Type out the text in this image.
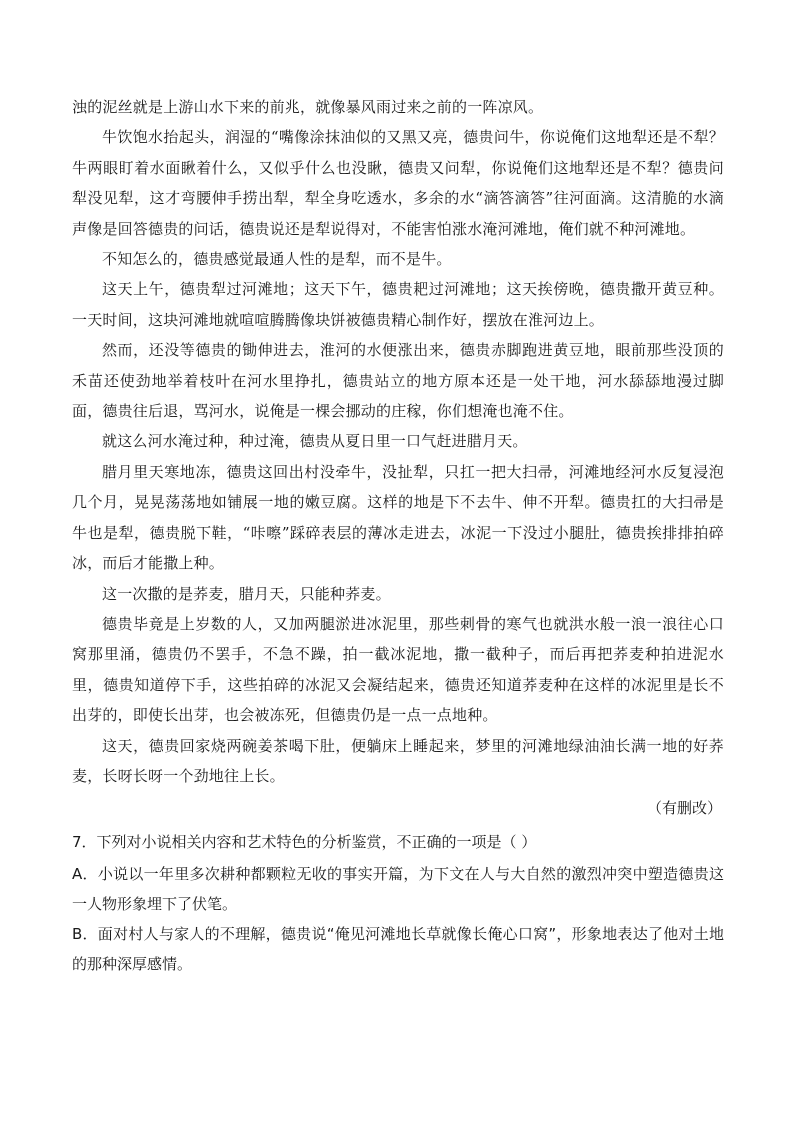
浊的泥丝就是上游山水下来的前兆，就像暴风雨过来之前的一阵凉风。

牛饮饱水抬起头，润湿的“嘴像涂抹油似的又黑又亮，德贵问牛，你说俺们这地犁还是不犁？牛两眼盯着水面瞅着什么，又似乎什么也没瞅，德贵又问犁，你说俺们这地犁还是不犁？德贵问犁没见犁，这才弯腰伸手捞出犁，犁全身吃透水，多余的水“滴答滴答”往河面滴。这清脆的水滴声像是回答德贵的问话，德贵说还是犁说得对，不能害怕涨水淹河滩地，俺们就不种河滩地。

不知怎么的，德贵感觉最通人性的是犁，而不是牛。

这天上午，德贵犁过河滩地；这天下午，德贵耙过河滩地；这天挨傍晚，德贵撒开黄豆种。一天时间，这块河滩地就喧喧腾腾像块饼被德贵精心制作好，摆放在淮河边上。

然而，还没等德贵的锄伸进去，淮河的水便涨出来，德贵赤脚跑进黄豆地，眼前那些没顶的禾苗还使劲地举着枝叶在河水里挣扎，德贵站立的地方原本还是一处干地，河水舔舔地漫过脚面，德贵往后退，骂河水，说俺是一棵会挪动的庄稼，你们想淹也淹不住。

就这么河水淹过种，种过淹，德贵从夏日里一口气赶进腊月天。

腊月里天寒地冻，德贵这回出村没牵牛，没扯犁，只扛一把大扫帚，河滩地经河水反复浸泡几个月，晃晃荡荡地如铺展一地的嫩豆腐。这样的地是下不去牛、伸不开犁。德贵扛的大扫帚是牛也是犁，德贵脱下鞋，“咔嚓”踩碎表层的薄冰走进去，冰泥一下没过小腿肚，德贵挨排排拍碎冰，而后才能撒上种。

这一次撒的是荞麦，腊月天，只能种荞麦。

德贵毕竟是上岁数的人，又加两腿淤进冰泥里，那些刺骨的寒气也就洪水般一浪一浪往心口窝那里涌，德贵仍不罢手，不急不躁，拍一截冰泥地，撒一截种子，而后再把荞麦种拍进泥水里，德贵知道停下手，这些拍碎的冰泥又会凝结起来，德贵还知道荞麦种在这样的冰泥里是长不出芽的，即使长出芽，也会被冻死，但德贵仍是一点一点地种。

这天，德贵回家烧两碗姜茶喝下肚，便躺床上睡起来，梦里的河滩地绿油油长满一地的好荞麦，长呀长呀一个劲地往上长。

（有删改）

7．下列对小说相关内容和艺术特色的分析鉴赏，不正确的一项是（ ）

A．小说以一年里多次耕种都颗粒无收的事实开篇，为下文在人与大自然的激烈冲突中塑造德贵这一人物形象埋下了伏笔。

B．面对村人与家人的不理解，德贵说“俺见河滩地长草就像长俺心口窝”，形象地表达了他对土地的那种深厚感情。
